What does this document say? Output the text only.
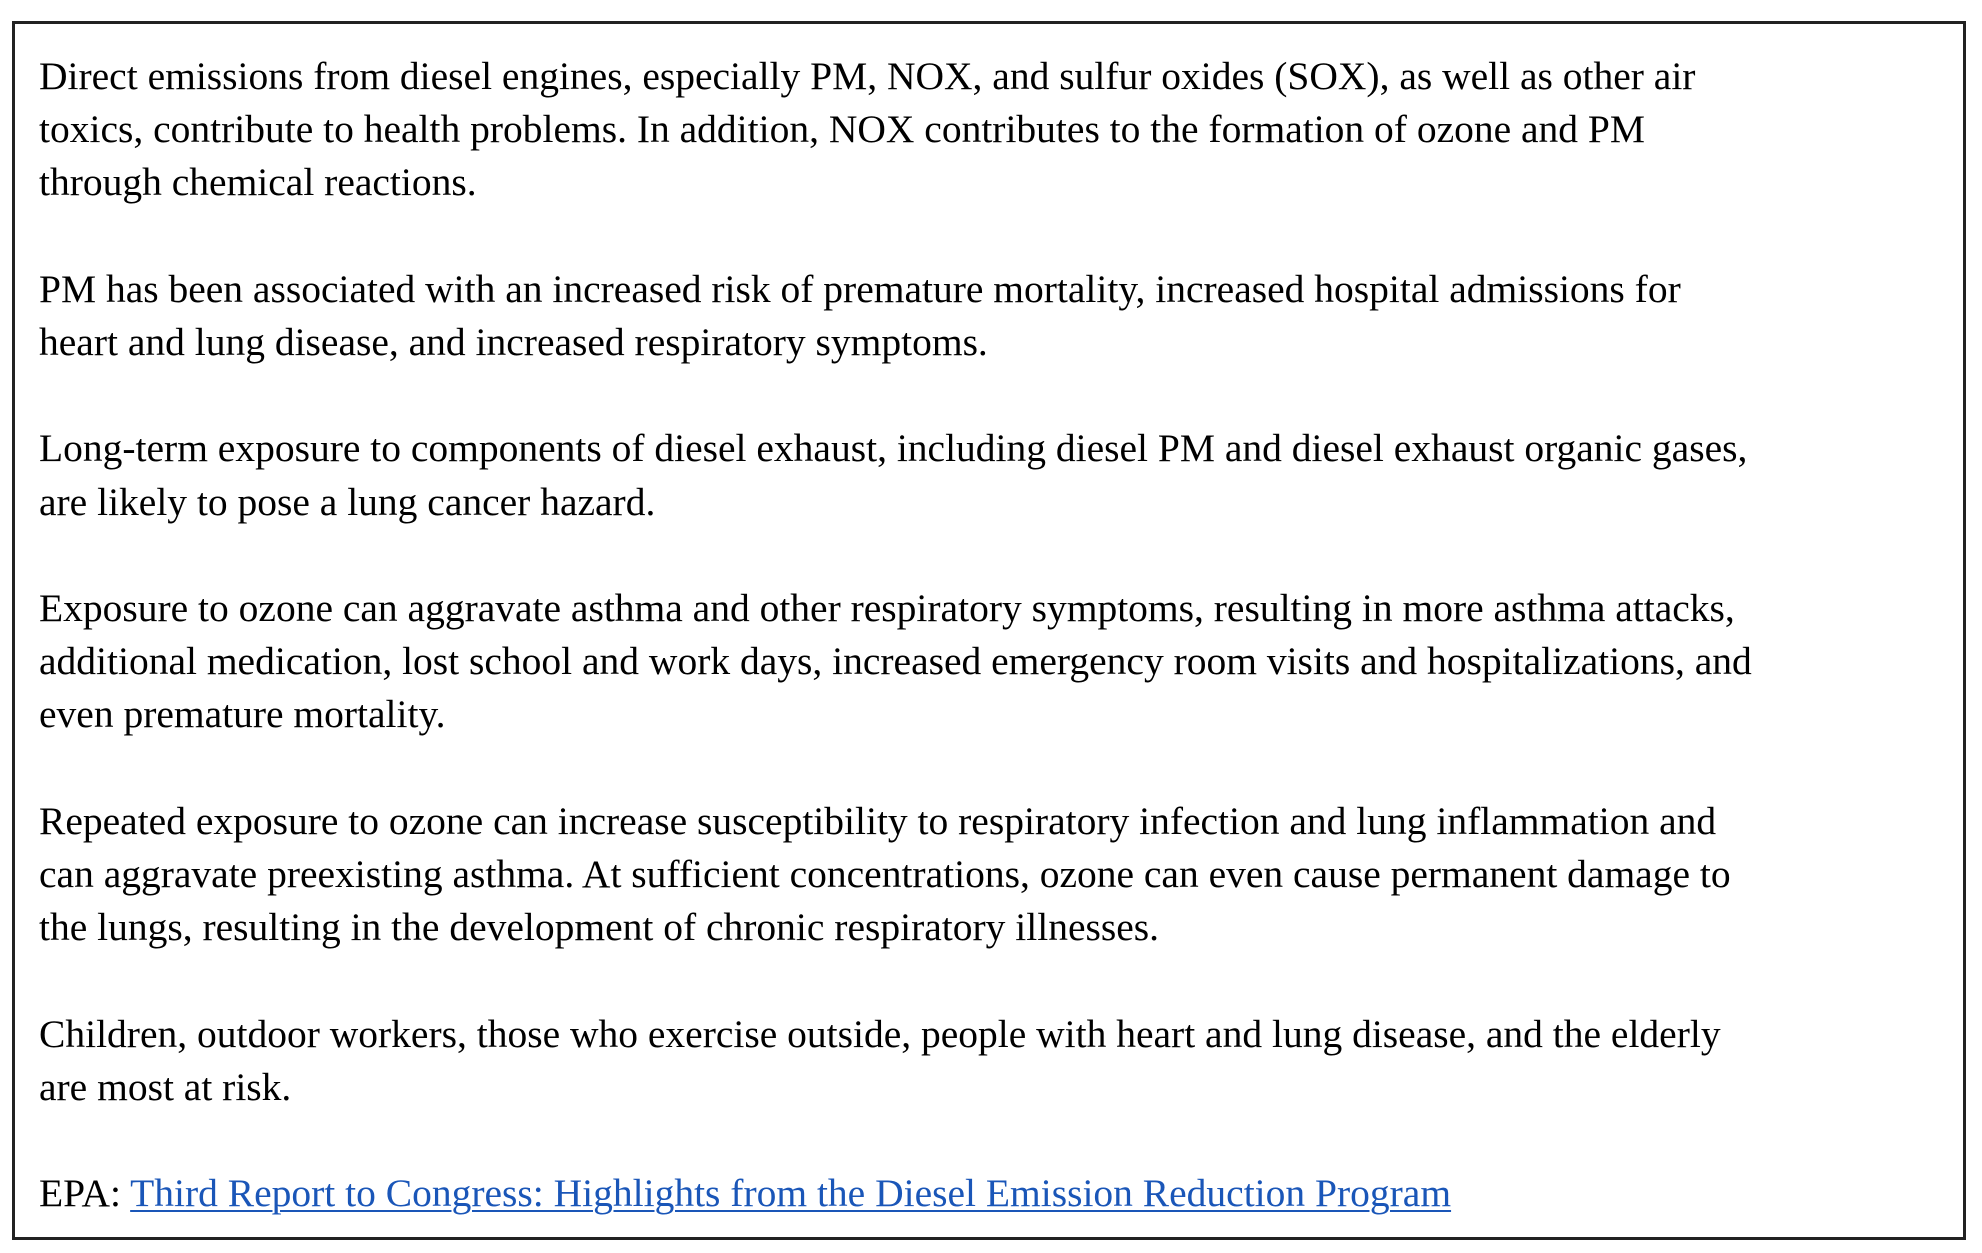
Direct emissions from diesel engines, especially PM, NOX, and sulfur oxides (SOX), as well as other air
toxics, contribute to health problems. In addition, NOX contributes to the formation of ozone and PM
through chemical reactions.

PM has been associated with an increased risk of premature mortality, increased hospital admissions for
heart and lung disease, and increased respiratory symptoms.

Long-term exposure to components of diesel exhaust, including diesel PM and diesel exhaust organic gases,
are likely to pose a lung cancer hazard.

Exposure to ozone can aggravate asthma and other respiratory symptoms, resulting in more asthma attacks,
additional medication, lost school and work days, increased emergency room visits and hospitalizations, and
even premature mortality.

Repeated exposure to ozone can increase susceptibility to respiratory infection and lung inflammation and
can aggravate preexisting asthma. At sufficient concentrations, ozone can even cause permanent damage to
the lungs, resulting in the development of chronic respiratory illnesses.

Children, outdoor workers, those who exercise outside, people with heart and lung disease, and the elderly
are most at risk.

EPA: Third Report to Congress: Highlights from the Diesel Emission Reduction Program
